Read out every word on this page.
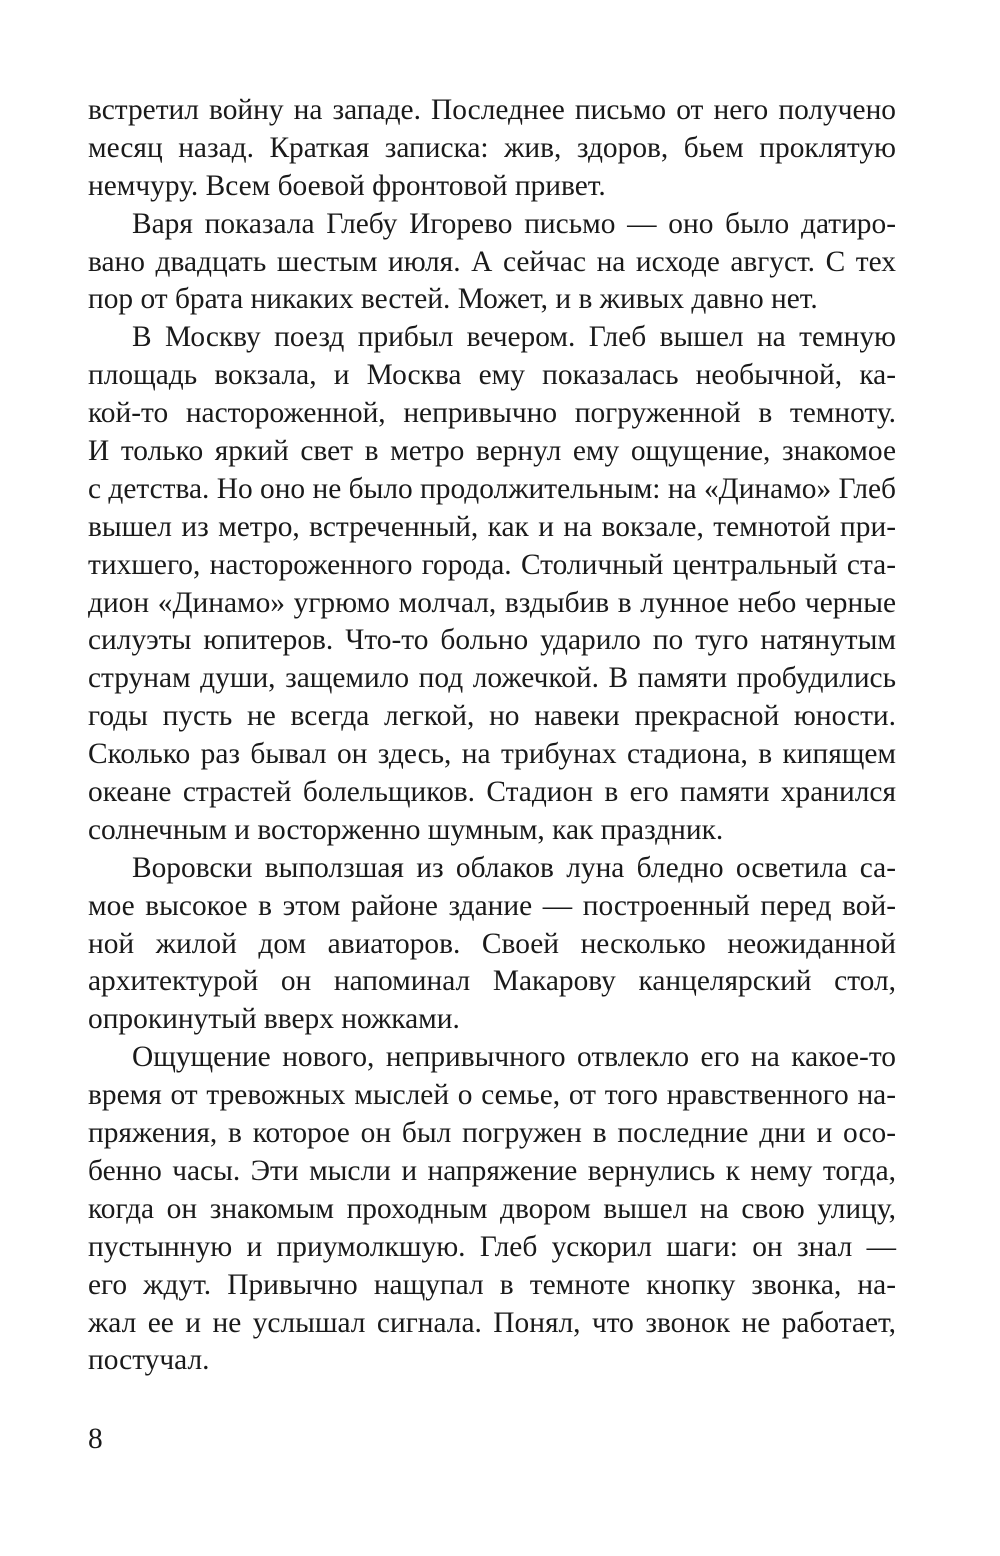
встретил войну на западе. Последнее письмо от него получено
месяц назад. Краткая записка: жив, здоров, бьем проклятую
немчуру. Всем боевой фронтовой привет.
Варя показала Глебу Игорево письмо — оно было датиро-
вано двадцать шестым июля. А сейчас на исходе август. С тех
пор от брата никаких вестей. Может, и в живых давно нет.
В Москву поезд прибыл вечером. Глеб вышел на темную
площадь вокзала, и Москва ему показалась необычной, ка-
кой-то настороженной, непривычно погруженной в темноту.
И только яркий свет в метро вернул ему ощущение, знакомое
с детства. Но оно не было продолжительным: на «Динамо» Глеб
вышел из метро, встреченный, как и на вокзале, темнотой при-
тихшего, настороженного города. Столичный центральный ста-
дион «Динамо» угрюмо молчал, вздыбив в лунное небо черные
силуэты юпитеров. Что-то больно ударило по туго натянутым
струнам души, защемило под ложечкой. В памяти пробудились
годы пусть не всегда легкой, но навеки прекрасной юности.
Сколько раз бывал он здесь, на трибунах стадиона, в кипящем
океане страстей болельщиков. Стадион в его памяти хранился
солнечным и восторженно шумным, как праздник.
Воровски выползшая из облаков луна бледно осветила са-
мое высокое в этом районе здание — построенный перед вой-
ной жилой дом авиаторов. Своей несколько неожиданной
архитектурой он напоминал Макарову канцелярский стол,
опрокинутый вверх ножками.
Ощущение нового, непривычного отвлекло его на какое-то
время от тревожных мыслей о семье, от того нравственного на-
пряжения, в которое он был погружен в последние дни и осо-
бенно часы. Эти мысли и напряжение вернулись к нему тогда,
когда он знакомым проходным двором вышел на свою улицу,
пустынную и приумолкшую. Глеб ускорил шаги: он знал —
его ждут. Привычно нащупал в темноте кнопку звонка, на-
жал ее и не услышал сигнала. Понял, что звонок не работает,
постучал.
8
